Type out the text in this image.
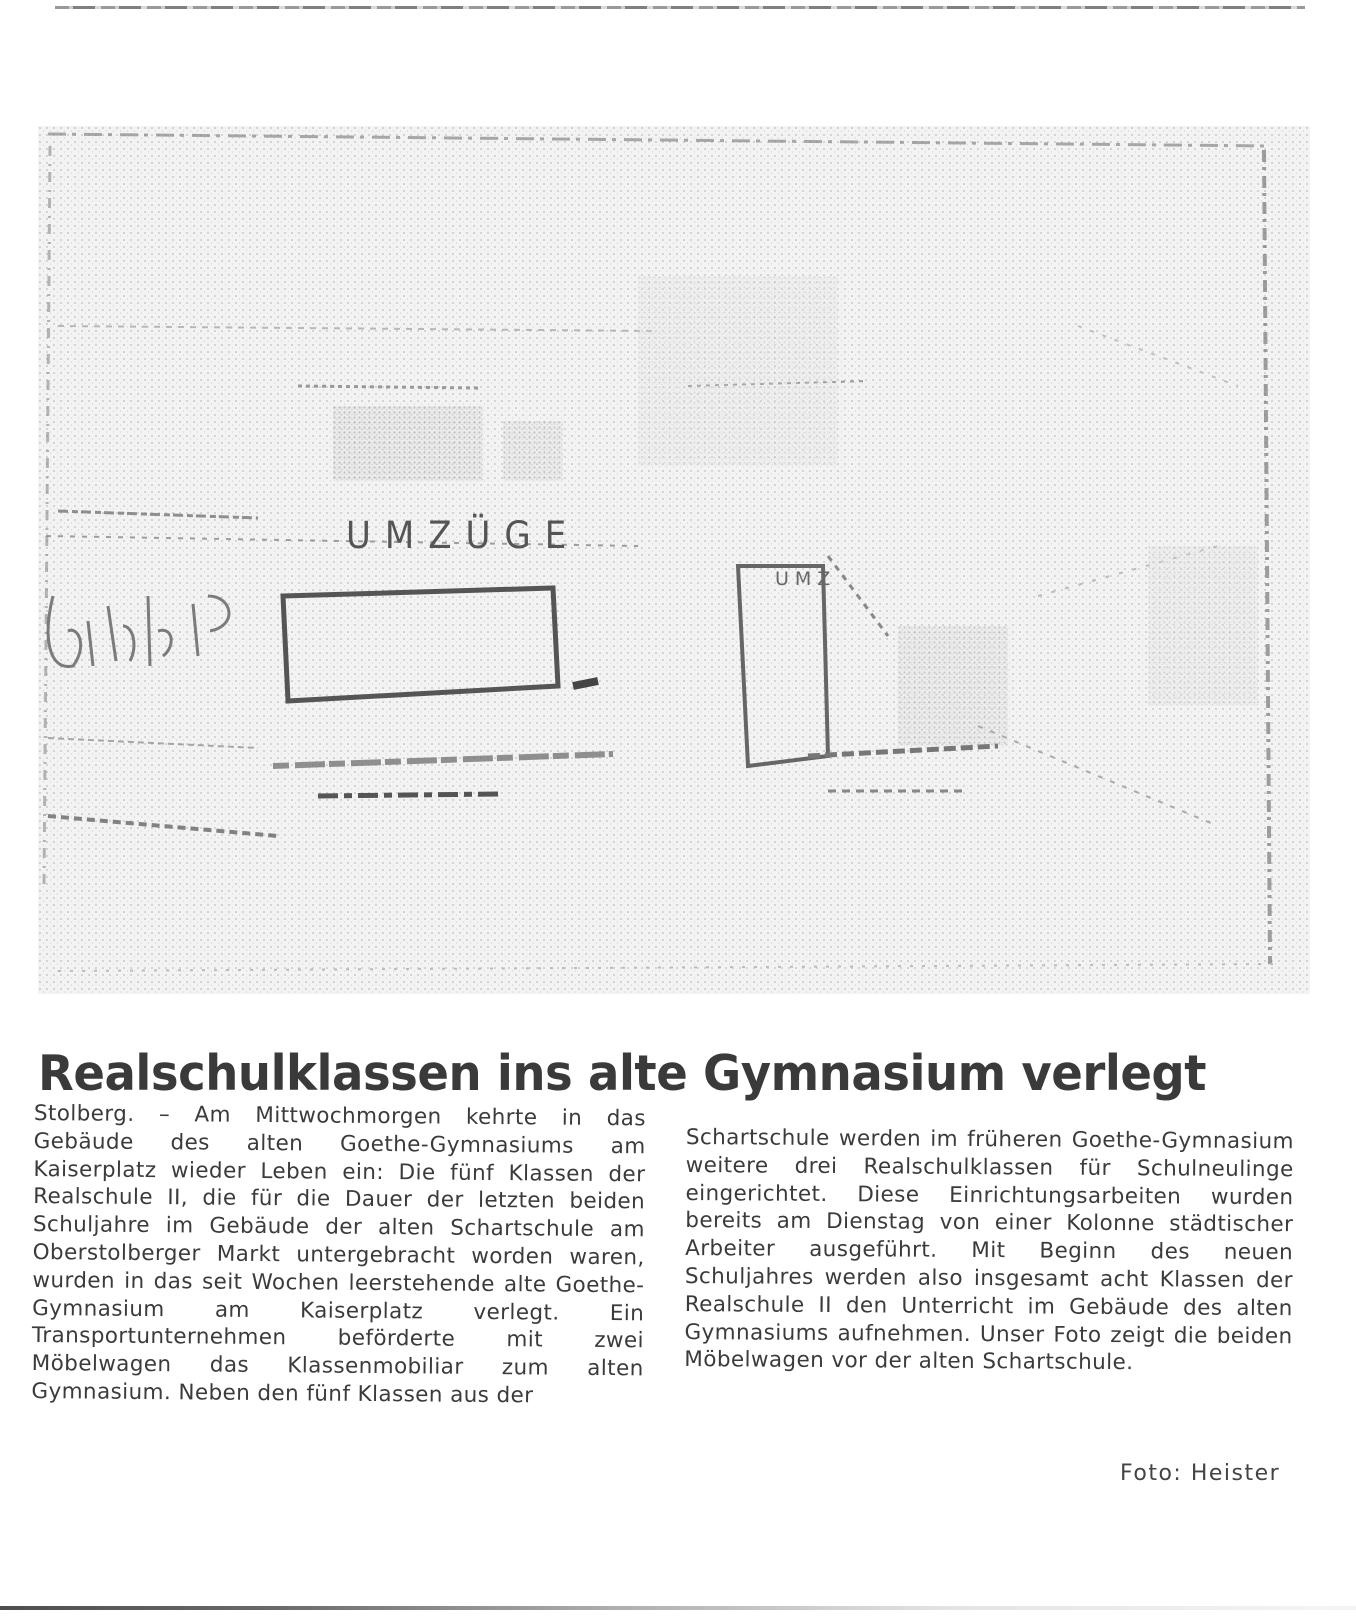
UMZÜGE
UMZ
Realschulklassen ins alte Gymnasium verlegt
Stolberg. – Am Mittwochmorgen kehrte in das Gebäude des alten Goethe-Gymnasiums am Kaiserplatz wieder Leben ein: Die fünf Klassen der Realschule II, die für die Dauer der letzten beiden Schuljahre im Gebäude der alten Schartschule am Oberstolberger Markt untergebracht worden waren, wurden in das seit Wochen leerstehende alte Goethe-Gymnasium am Kaiserplatz verlegt. Ein Transportunternehmen beförderte mit zwei Möbelwagen das Klassenmobiliar zum alten Gymnasium. Neben den fünf Klassen aus der
Schartschule werden im früheren Goethe-Gymnasium weitere drei Realschulklassen für Schulneulinge eingerichtet. Diese Einrichtungsarbeiten wurden bereits am Dienstag von einer Kolonne städtischer Arbeiter ausgeführt. Mit Beginn des neuen Schuljahres werden also insgesamt acht Klassen der Realschule II den Unterricht im Gebäude des alten Gymnasiums aufnehmen. Unser Foto zeigt die beiden Möbelwagen vor der alten Schartschule.
Foto: Heister
